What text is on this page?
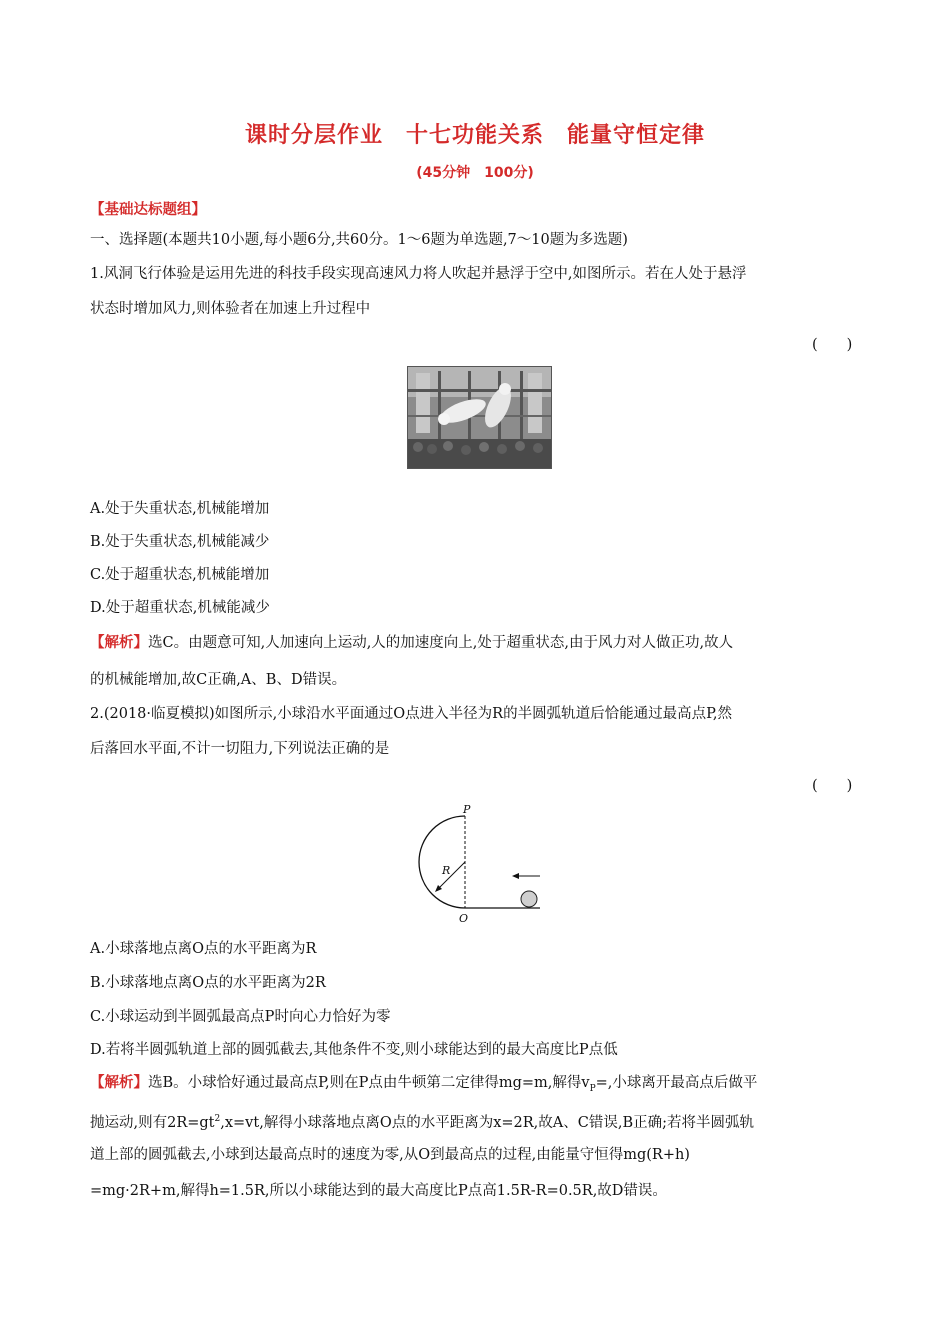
课时分层作业　十七功能关系　能量守恒定律
(45分钟　100分)
【基础达标题组】
一、选择题(本题共10小题,每小题6分,共60分。1～6题为单选题,7～10题为多选题)
1.风洞飞行体验是运用先进的科技手段实现高速风力将人吹起并悬浮于空中,如图所示。若在人处于悬浮
状态时增加风力,则体验者在加速上升过程中
(　　)
A.处于失重状态,机械能增加
B.处于失重状态,机械能减少
C.处于超重状态,机械能增加
D.处于超重状态,机械能减少
【解析】选C。由题意可知,人加速向上运动,人的加速度向上,处于超重状态,由于风力对人做正功,故人
的机械能增加,故C正确,A、B、D错误。
2.(2018·临夏模拟)如图所示,小球沿水平面通过O点进入半径为R的半圆弧轨道后恰能通过最高点P,然
后落回水平面,不计一切阻力,下列说法正确的是
(　　)
P
O
R
A.小球落地点离O点的水平距离为R
B.小球落地点离O点的水平距离为2R
C.小球运动到半圆弧最高点P时向心力恰好为零
D.若将半圆弧轨道上部的圆弧截去,其他条件不变,则小球能达到的最大高度比P点低
【解析】选B。小球恰好通过最高点P,则在P点由牛顿第二定律得mg=m,解得$v_P=$,小球离开最高点后做平
抛运动,则有$2R=gt^2,x=vt$,解得小球落地点离O点的水平距离为x=2R,故A、C错误,B正确;若将半圆弧轨
道上部的圆弧截去,小球到达最高点时的速度为零,从O到最高点的过程,由能量守恒得mg(R+h)
=mg·2R+m,解得h=1.5R,所以小球能达到的最大高度比P点高1.5R-R=0.5R,故D错误。
